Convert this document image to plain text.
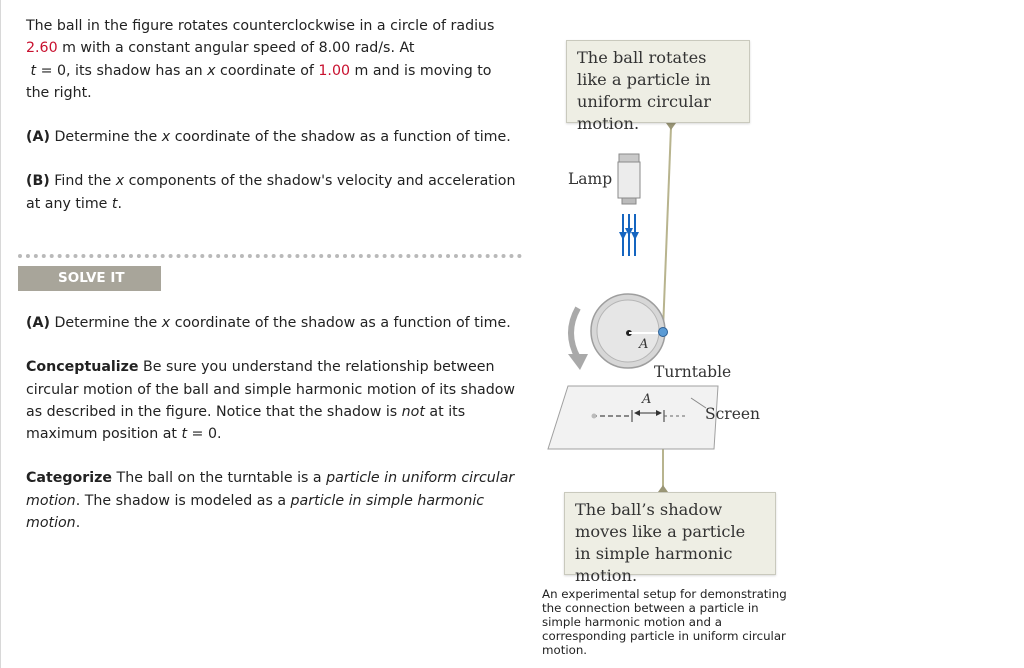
The ball in the figure rotates counterclockwise in a circle of radius 2.60 m with a constant angular speed of 8.00 rad/s. At
t = 0, its shadow has an x coordinate of 1.00 m and is moving to the right.

(A) Determine the x coordinate of the shadow as a function of time.

(B) Find the x components of the shadow's velocity and acceleration at any time t.

SOLVE IT

(A) Determine the x coordinate of the shadow as a function of time.

Conceptualize Be sure you understand the relationship between circular motion of the ball and simple harmonic motion of its shadow as described in the figure. Notice that the shadow is not at its maximum position at t = 0.

Categorize The ball on the turntable is a particle in uniform circular motion. The shadow is modeled as a particle in simple harmonic motion.

The ball rotates like a particle in uniform circular motion.
Lamp
A
Turntable
A
Screen
The ball’s shadow moves like a particle in simple harmonic motion.
An experimental setup for demonstrating the connection between a particle in simple harmonic motion and a corresponding particle in uniform circular motion.
